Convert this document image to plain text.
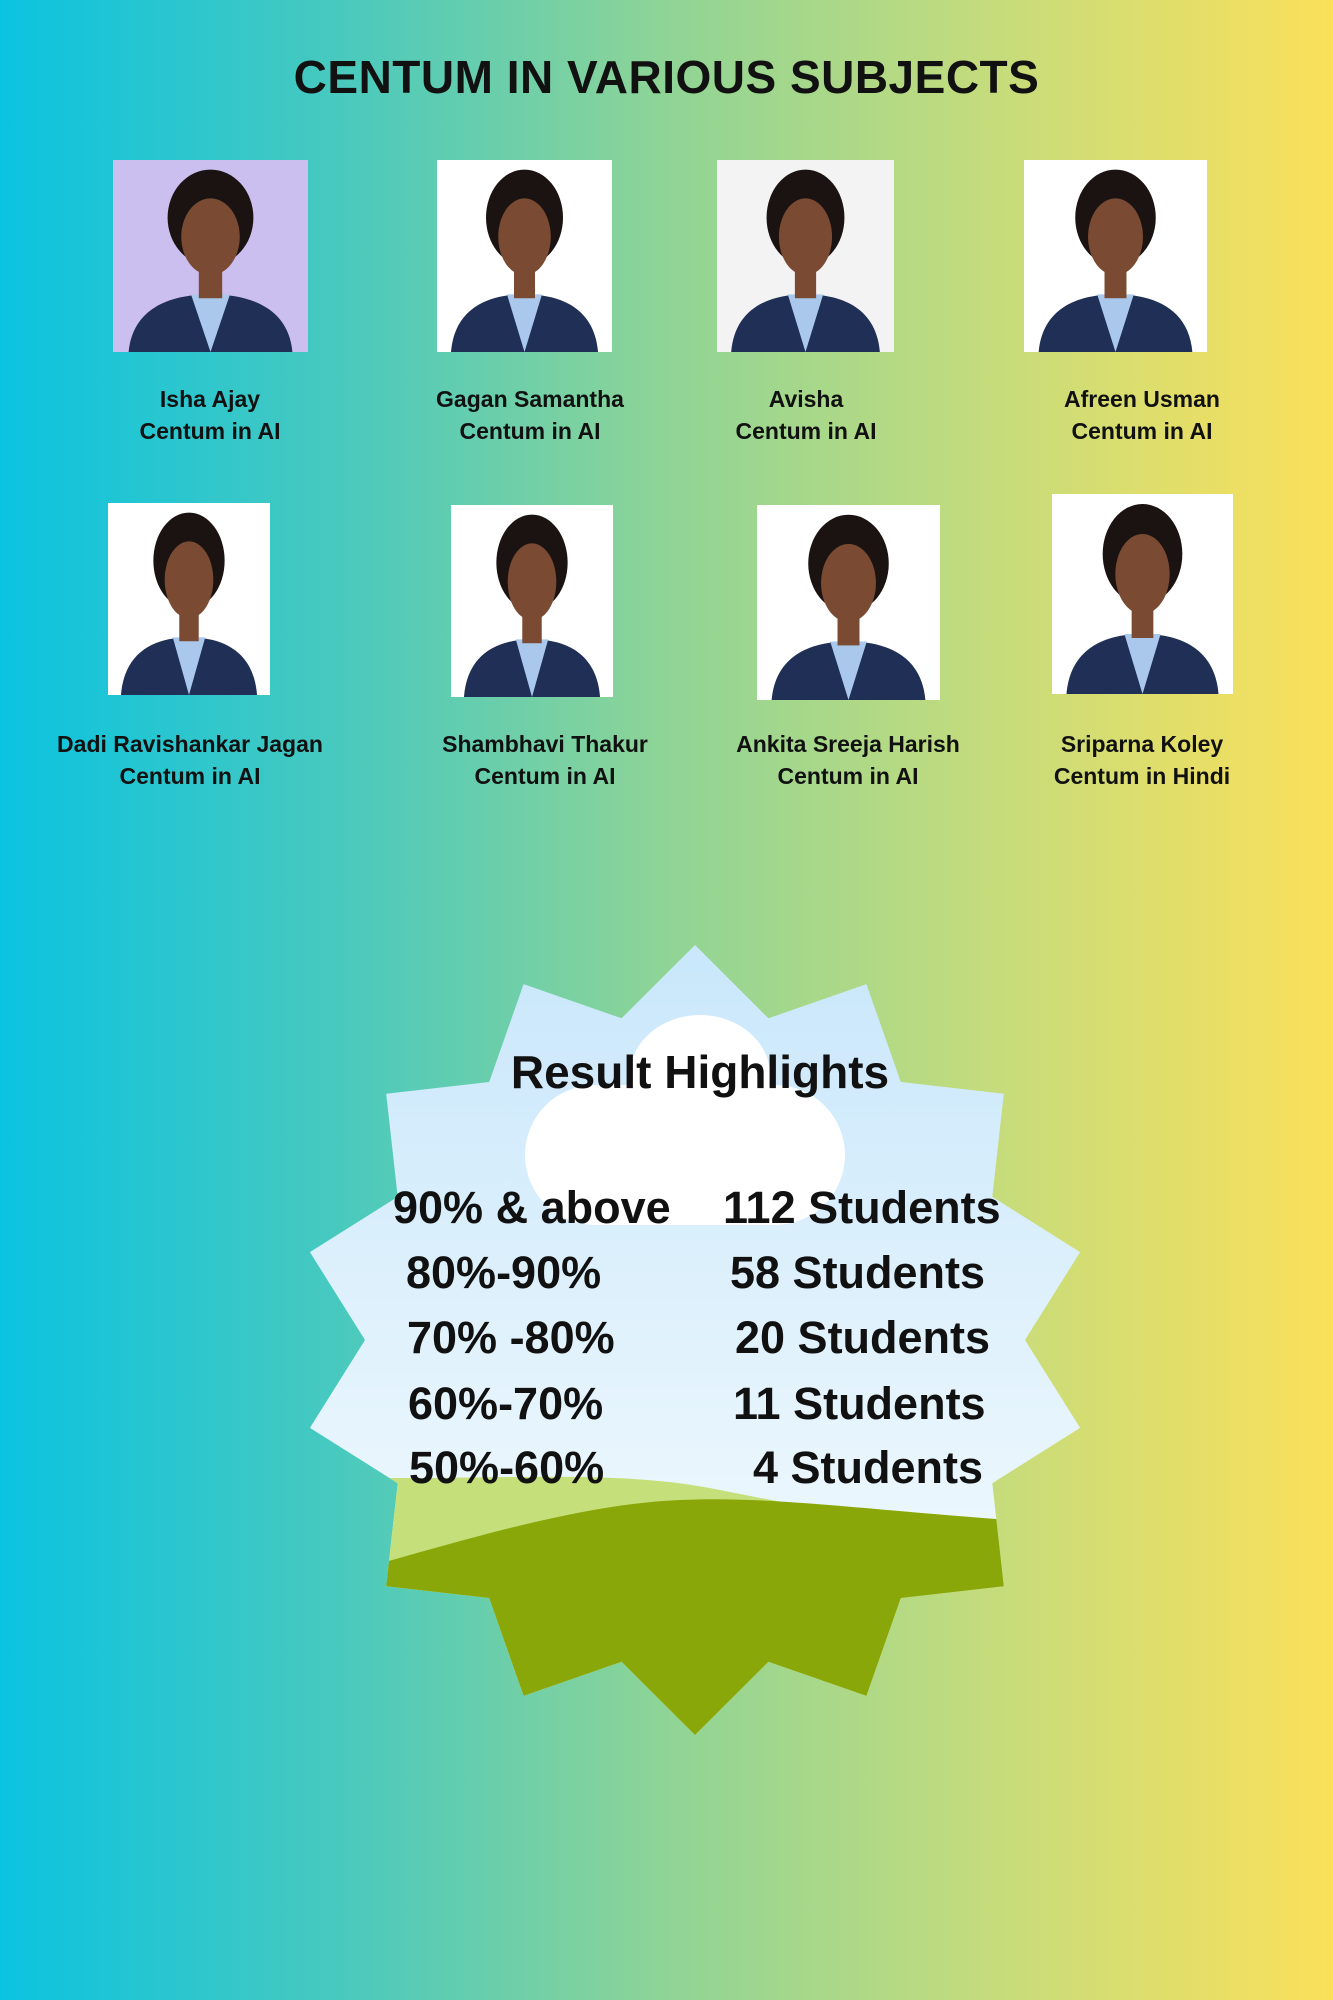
CENTUM IN VARIOUS SUBJECTS
Isha Ajay
Centum in AI
Gagan Samantha
Centum in AI
Avisha
Centum in AI
Afreen Usman
Centum in AI
Dadi Ravishankar Jagan
Centum in AI
Shambhavi Thakur
Centum in AI
Ankita Sreeja Harish
Centum in AI
Sriparna Koley
Centum in Hindi
Result Highlights
90% & above 112 Students
80%-90%	58 Students
70% -80%	20 Students
60%-70%	11 Students
50%-60%	4 Students
